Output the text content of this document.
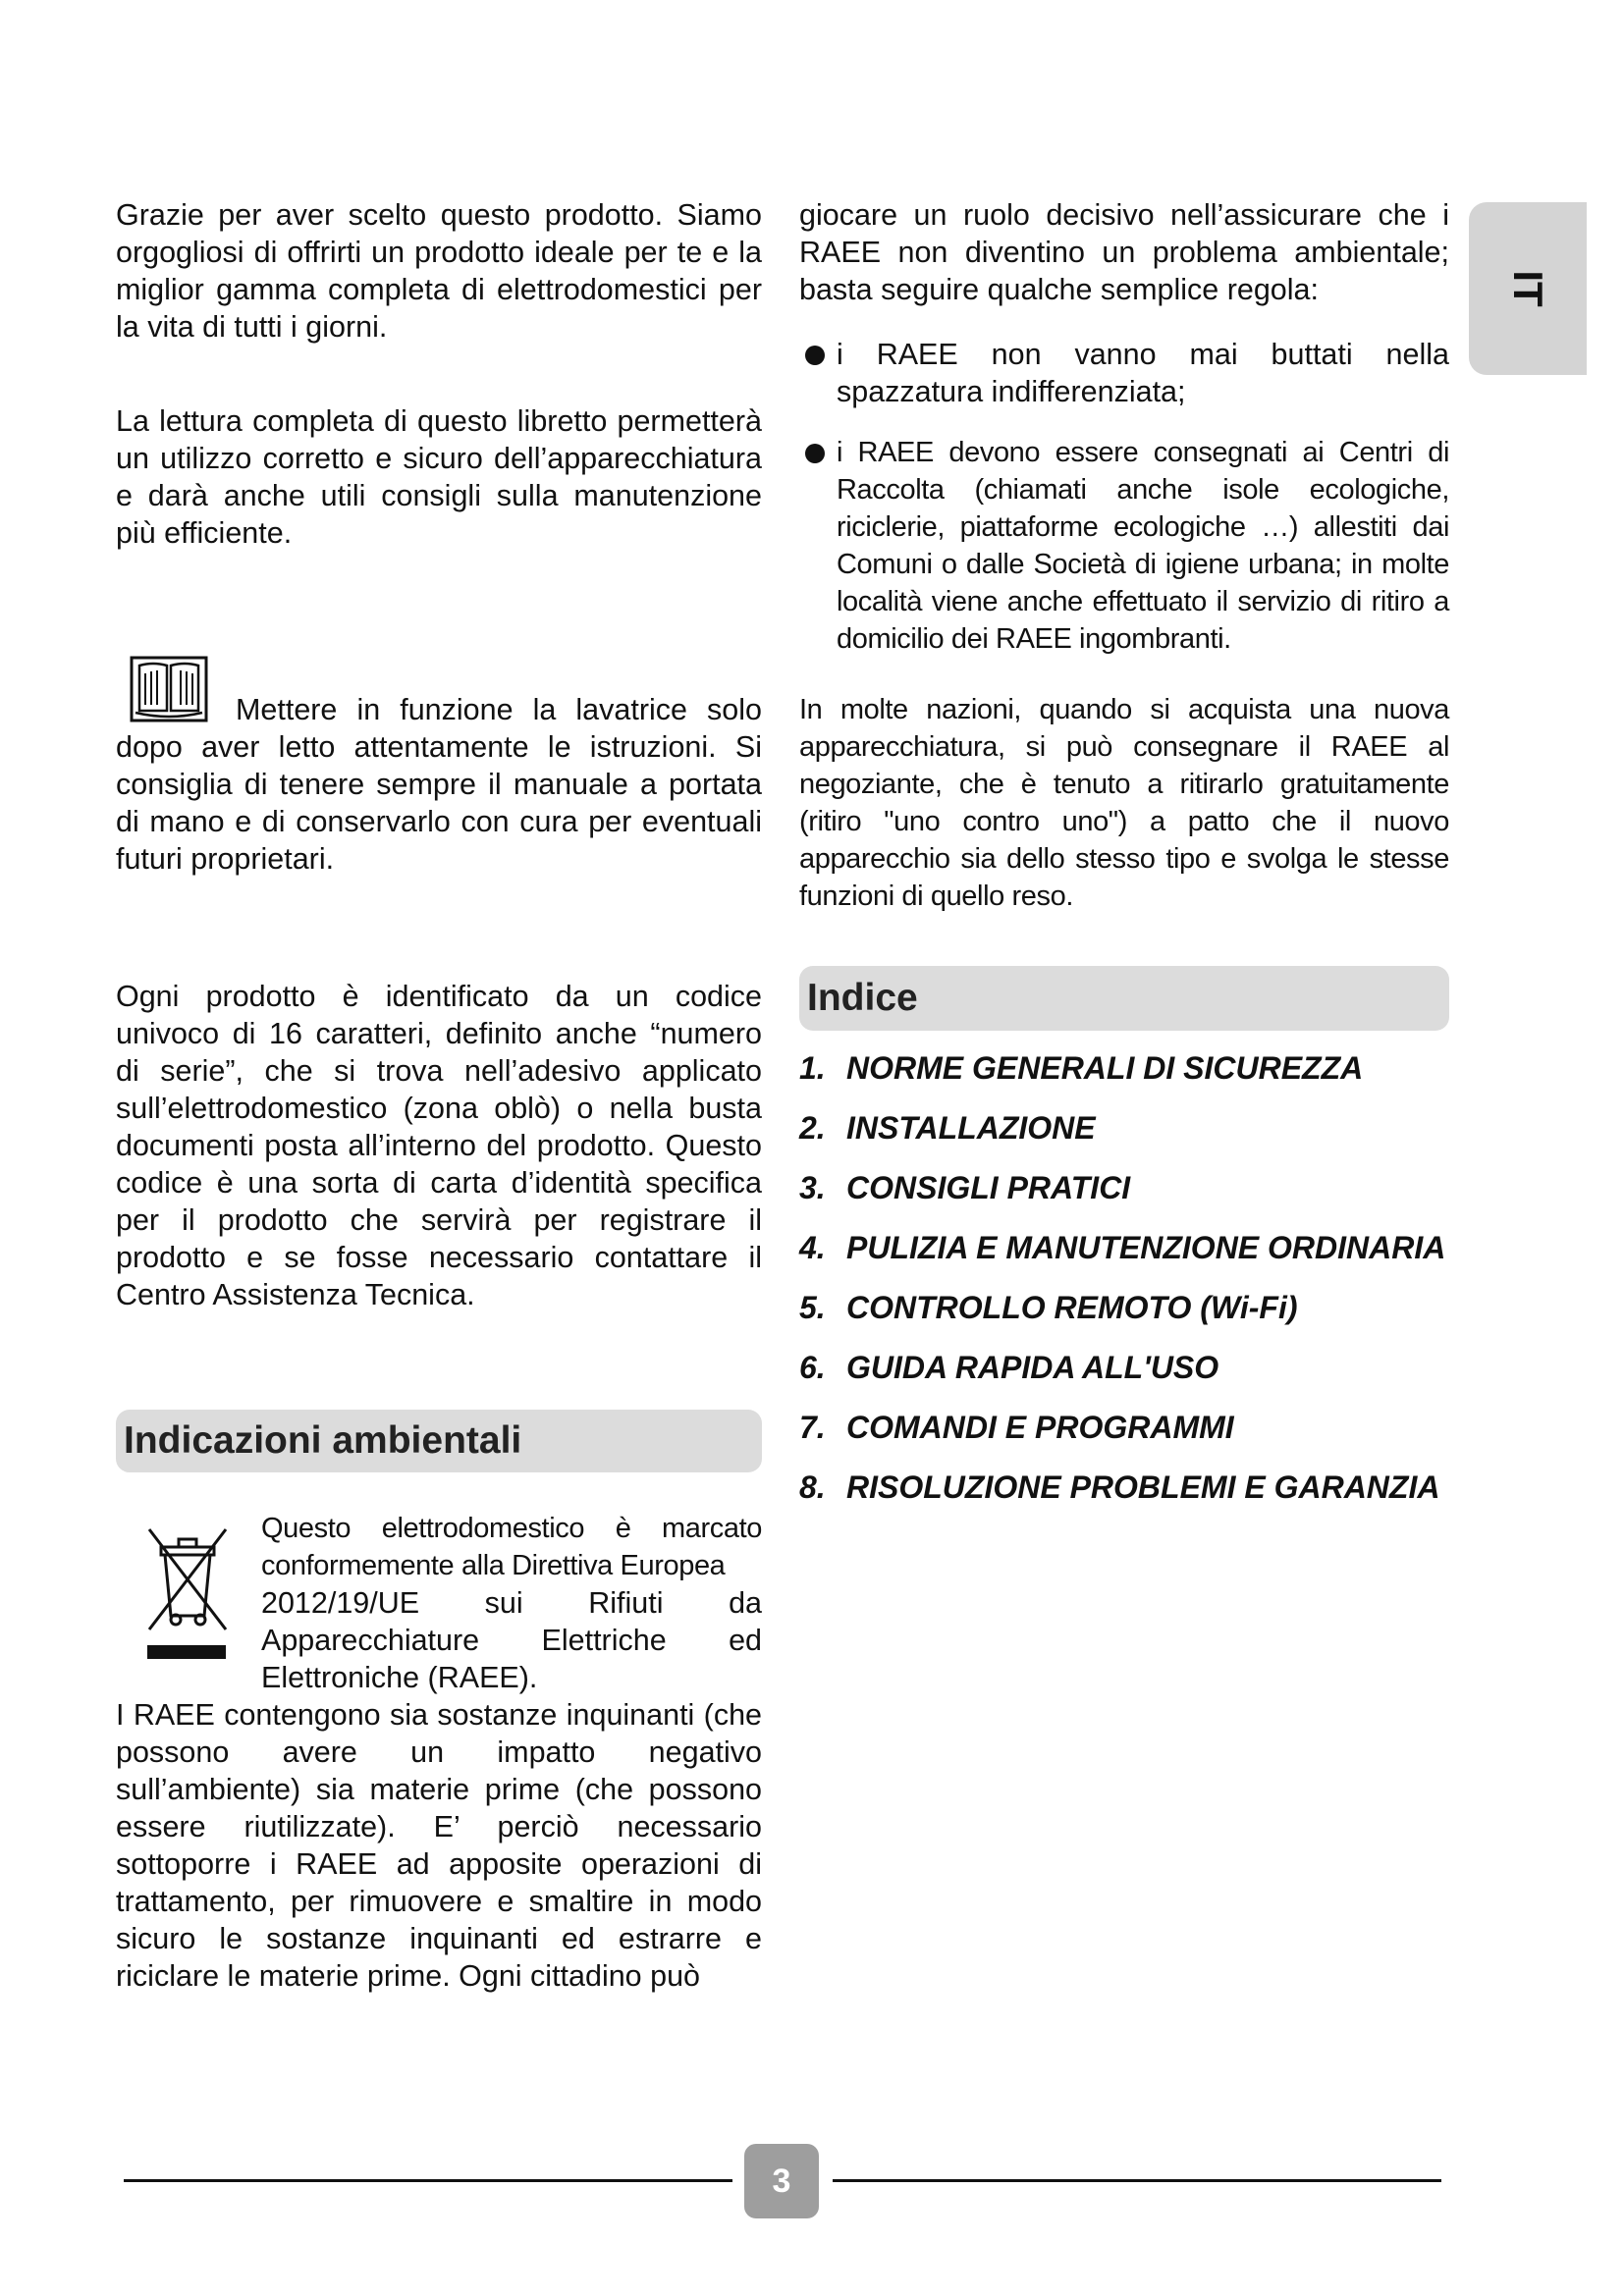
IT

Grazie per aver scelto questo prodotto. Siamo orgogliosi di offrirti un prodotto ideale per te e la miglior gamma completa di elettrodomestici per la vita di tutti i giorni.

La lettura completa di questo libretto permetterà un utilizzo corretto e sicuro dell’apparecchiatura e darà anche utili consigli sulla manutenzione più efficiente.

Mettere in funzione la lavatrice solo dopo aver letto attentamente le istruzioni. Si consiglia di tenere sempre il manuale a portata di mano e di conservarlo con cura per eventuali futuri proprietari.

Ogni prodotto è identificato da un codice univoco di 16 caratteri, definito anche “numero di serie”, che si trova nell’adesivo applicato sull’elettrodomestico (zona oblò) o nella busta documenti posta all’interno del prodotto. Questo codice è una sorta di carta d’identità specifica per il prodotto che servirà per registrare il prodotto e se fosse necessario contattare il Centro Assistenza Tecnica.

Indicazioni ambientali

Questo elettrodomestico è marcato conformemente alla Direttiva Europea

2012/19/UE sui Rifiuti da Apparecchiature Elettriche ed Elettroniche (RAEE).

I RAEE contengono sia sostanze inquinanti (che possono avere un impatto negativo sull’ambiente) sia materie prime (che possono essere riutilizzate). E’ perciò necessario sottoporre i RAEE ad apposite operazioni di trattamento, per rimuovere e smaltire in modo sicuro le sostanze inquinanti ed estrarre e riciclare le materie prime. Ogni cittadino può

giocare un ruolo decisivo nell’assicurare che i RAEE non diventino un problema ambientale; basta seguire qualche semplice regola:

i RAEE non vanno mai buttati nella spazzatura indifferenziata;

i RAEE devono essere consegnati ai Centri di Raccolta (chiamati anche isole ecologiche, riciclerie, piattaforme ecologiche …) allestiti dai Comuni o dalle Società di igiene urbana; in molte località viene anche effettuato il servizio di ritiro a domicilio dei RAEE ingombranti.

In molte nazioni, quando si acquista una nuova apparecchiatura, si può consegnare il RAEE al negoziante, che è tenuto a ritirarlo gratuitamente (ritiro "uno contro uno") a patto che il nuovo apparecchio sia dello stesso tipo e svolga le stesse funzioni di quello reso.

Indice
1. NORME GENERALI DI SICUREZZA
2. INSTALLAZIONE
3. CONSIGLI PRATICI
4. PULIZIA E MANUTENZIONE ORDINARIA
5. CONTROLLO REMOTO (Wi-Fi)
6. GUIDA RAPIDA ALL'USO
7. COMANDI E PROGRAMMI
8. RISOLUZIONE PROBLEMI E GARANZIA
3
